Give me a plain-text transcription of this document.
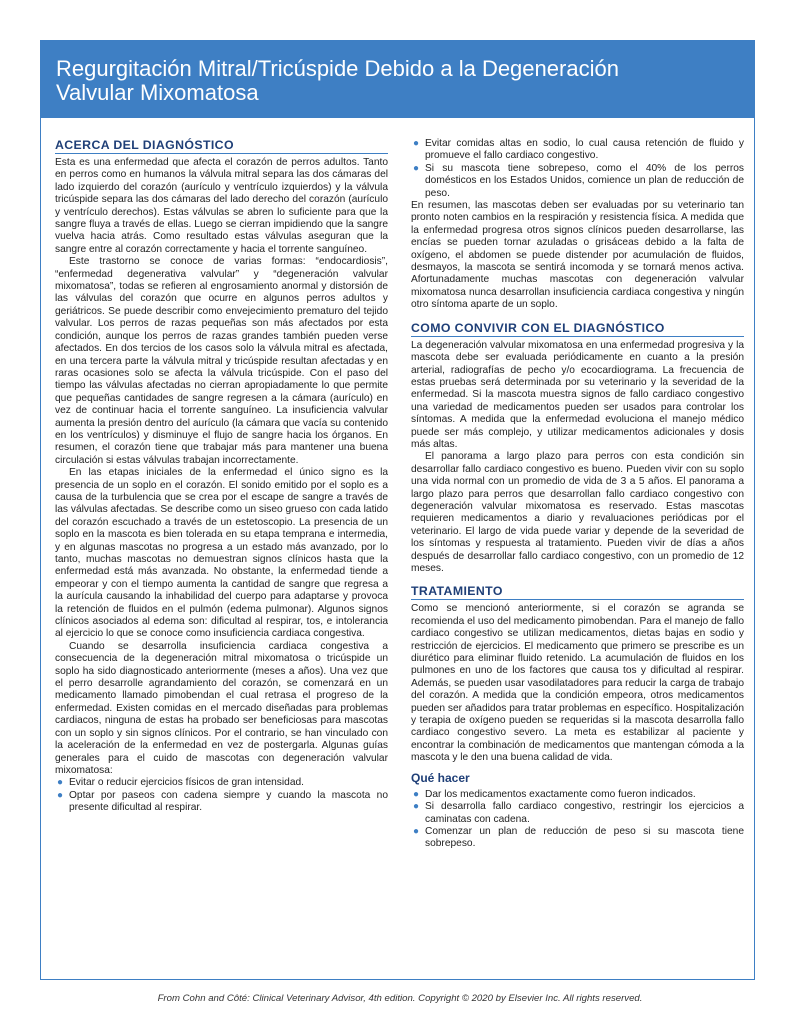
Regurgitación Mitral/Tricúspide Debido a la Degeneración
Valvular Mixomatosa
ACERCA DEL DIAGNÓSTICO

Esta es una enfermedad que afecta el corazón de perros adultos. Tanto en perros como en humanos la válvula mitral separa las dos cámaras del lado izquierdo del corazón (aurículo y ventrículo izquierdos) y la válvula tricúspide separa las dos cámaras del lado derecho del corazón (aurículo y ventrículo derechos). Estas válvulas se abren lo suficiente para que la sangre fluya a través de ellas. Luego se cierran impidiendo que la sangre vuelva hacia atrás. Como resultado estas válvulas aseguran que la sangre entre al corazón correctamente y hacia el torrente sanguíneo.

Este trastorno se conoce de varias formas: “endocardiosis”, “enfermedad degenerativa valvular” y “degeneración valvular mixomatosa”, todas se refieren al engrosamiento anormal y distorsión de las válvulas del corazón que ocurre en algunos perros adultos y geriátricos. Se puede describir como envejecimiento prematuro del tejido valvular. Los perros de razas pequeñas son más afectados por esta condición, aunque los perros de razas grandes también pueden verse afectados. En dos tercios de los casos solo la válvula mitral es afectada, en una tercera parte la válvula mitral y tricúspide resultan afectadas y en raras ocasiones solo se afecta la válvula tricúspide. Con el paso del tiempo las válvulas afectadas no cierran apropiadamente lo que permite que pequeñas cantidades de sangre regresen a la cámara (aurículo) en vez de continuar hacia el torrente sanguíneo. La insuficiencia valvular aumenta la presión dentro del aurículo (la cámara que vacía su contenido en los ventrículos) y disminuye el flujo de sangre hacia los órganos. En resumen, el corazón tiene que trabajar más para mantener una buena circulación si estas válvulas trabajan incorrectamente.

En las etapas iniciales de la enfermedad el único signo es la presencia de un soplo en el corazón. El sonido emitido por el soplo es a causa de la turbulencia que se crea por el escape de sangre a través de las válvulas afectadas. Se describe como un siseo grueso con cada latido del corazón escuchado a través de un estetoscopio. La presencia de un soplo en la mascota es bien tolerada en su etapa temprana e intermedia, y en algunas mascotas no progresa a un estado más avanzado, por lo tanto, muchas mascotas no demuestran signos clínicos hasta que la enfermedad está más avanzada. No obstante, la enfermedad tiende a empeorar y con el tiempo aumenta la cantidad de sangre que regresa a la aurícula causando la inhabilidad del cuerpo para adaptarse y provoca la retención de fluidos en el pulmón (edema pulmonar). Algunos signos clínicos asociados al edema son: dificultad al respirar, tos, e intolerancia al ejercicio lo que se conoce como insuficiencia cardiaca congestiva.

Cuando se desarrolla insuficiencia cardiaca congestiva a consecuencia de la degeneración mitral mixomatosa o tricúspide un soplo ha sido diagnosticado anteriormente (meses a años). Una vez que el perro desarrolle agrandamiento del corazón, se comenzará en un medicamento llamado pimobendan el cual retrasa el progreso de la enfermedad. Existen comidas en el mercado diseñadas para problemas cardiacos, ninguna de estas ha probado ser beneficiosas para mascotas con un soplo y sin signos clínicos. Por el contrario, se han vinculado con la aceleración de la enfermedad en vez de postergarla. Algunas guías generales para el cuido de mascotas con degeneración valvular mixomatosa:

● Evitar o reducir ejercicios físicos de gran intensidad.
● Optar por paseos con cadena siempre y cuando la mascota no presente dificultad al respirar.
● Evitar comidas altas en sodio, lo cual causa retención de fluido y promueve el fallo cardiaco congestivo.
● Si su mascota tiene sobrepeso, como el 40% de los perros domésticos en los Estados Unidos, comience un plan de reducción de peso.

En resumen, las mascotas deben ser evaluadas por su veterinario tan pronto noten cambios en la respiración y resistencia física. A medida que la enfermedad progresa otros signos clínicos pueden desarrollarse, las encías se pueden tornar azuladas o grisáceas debido a la falta de oxígeno, el abdomen se puede distender por acumulación de fluidos, desmayos, la mascota se sentirá incomoda y se tornará menos activa. Afortunadamente muchas mascotas con degeneración valvular mixomatosa nunca desarrollan insuficiencia cardiaca congestiva y ningún otro síntoma aparte de un soplo.

COMO CONVIVIR CON EL DIAGNÓSTICO

La degeneración valvular mixomatosa en una enfermedad progresiva y la mascota debe ser evaluada periódicamente en cuanto a la presión arterial, radiografías de pecho y/o ecocardiograma. La frecuencia de estas pruebas será determinada por su veterinario y la severidad de la enfermedad. Si la mascota muestra signos de fallo cardiaco congestivo una variedad de medicamentos pueden ser usados para controlar los síntomas. A medida que la enfermedad evoluciona el manejo médico puede ser más complejo, y utilizar medicamentos adicionales y dosis más altas.

El panorama a largo plazo para perros con esta condición sin desarrollar fallo cardiaco congestivo es bueno. Pueden vivir con su soplo una vida normal con un promedio de vida de 3 a 5 años. El panorama a largo plazo para perros que desarrollan fallo cardiaco congestivo con degeneración valvular mixomatosa es reservado. Estas mascotas requieren medicamentos a diario y revaluaciones periódicas por el veterinario. El largo de vida puede variar y depende de la severidad de los síntomas y respuesta al tratamiento. Pueden vivir de días a años después de desarrollar fallo cardiaco congestivo, con un promedio de 12 meses.

TRATAMIENTO

Como se mencionó anteriormente, si el corazón se agranda se recomienda el uso del medicamento pimobendan. Para el manejo de fallo cardiaco congestivo se utilizan medicamentos, dietas bajas en sodio y restricción de ejercicios. El medicamento que primero se prescribe es un diurético para eliminar fluido retenido. La acumulación de fluidos en los pulmones en uno de los factores que causa tos y dificultad al respirar. Además, se pueden usar vasodilatadores para reducir la carga de trabajo del corazón. A medida que la condición empeora, otros medicamentos pueden ser añadidos para tratar problemas en específico. Hospitalización y terapia de oxígeno pueden se requeridas si la mascota desarrolla fallo cardiaco congestivo severo. La meta es estabilizar al paciente y encontrar la combinación de medicamentos que mantengan cómoda a la mascota y le den una buena calidad de vida.

Qué hacer
● Dar los medicamentos exactamente como fueron indicados.
● Si desarrolla fallo cardiaco congestivo, restringir los ejercicios a caminatas con cadena.
● Comenzar un plan de reducción de peso si su mascota tiene sobrepeso.
From Cohn and Côté: Clinical Veterinary Advisor, 4th edition. Copyright © 2020 by Elsevier Inc. All rights reserved.
